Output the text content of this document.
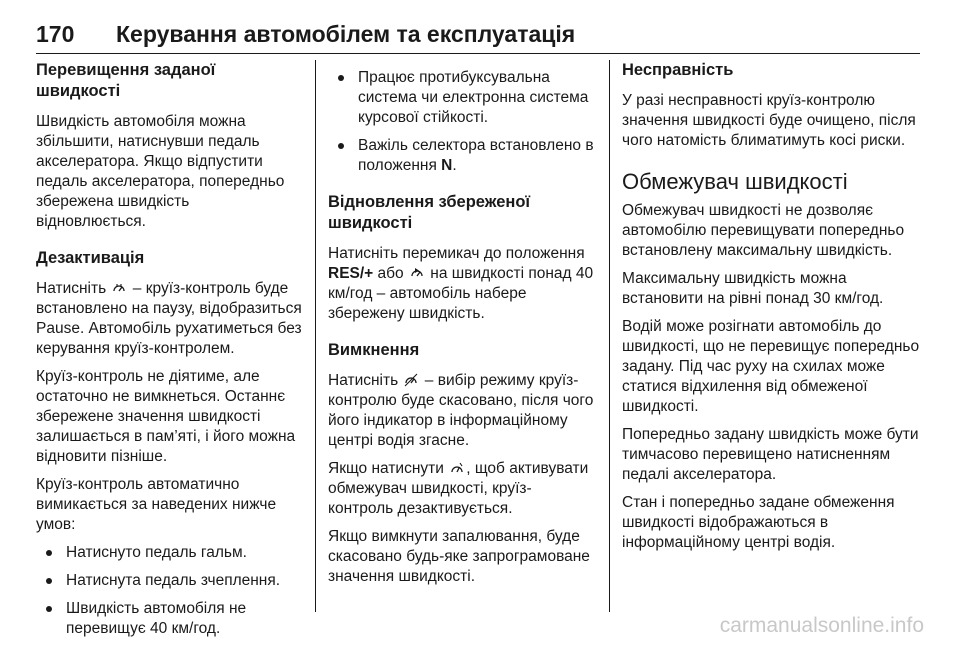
170 Керування автомобілем та експлуатація
Перевищення заданої швидкості

Швидкість автомобіля можна збільшити, натиснувши педаль акселератора. Якщо відпустити педаль акселератора, попередньо збережена швидкість відновлюється.

Дезактивація

Натисніть – круїз-контроль буде встановлено на паузу, відобразиться Pause. Автомобіль рухатиметься без керування круїз-контролем.

Круїз-контроль не діятиме, але остаточно не вимкнеться. Останнє збережене значення швидкості залишається в пам’яті, і його можна відновити пізніше.

Круїз-контроль автоматично вимикається за наведених нижче умов:

Натиснуто педаль гальм.
Натиснута педаль зчеплення.
Швидкість автомобіля не перевищує 40 км/год.
Працює протибуксувальна система чи електронна система курсової стійкості.
Важіль селектора встановлено в положення N.
Відновлення збереженої швидкості

Натисніть перемикач до положення RES/+ або на швидкості понад 40 км/год – автомобіль набере збережену швидкість.

Вимкнення

Натисніть – вибір режиму круїз-контролю буде скасовано, після чого його індикатор в інформаційному центрі водія згасне.

Якщо натиснути , щоб активувати обмежувач швидкості, круїз-контроль дезактивується.

Якщо вимкнути запалювання, буде скасовано будь-яке запрограмоване значення швидкості.

Несправність

У разі несправності круїз-контролю значення швидкості буде очищено, після чого натомість блиматимуть косі риски.

Обмежувач швидкості

Обмежувач швидкості не дозволяє автомобілю перевищувати попередньо встановлену максимальну швидкість.

Максимальну швидкість можна встановити на рівні понад 30 км/год.

Водій може розігнати автомобіль до швидкості, що не перевищує попередньо задану. Під час руху на схилах може статися відхилення від обмеженої швидкості.

Попередньо задану швидкість може бути тимчасово перевищено натисненням педалі акселератора.

Стан і попередньо задане обмеження швидкості відображаються в інформаційному центрі водія.

carmanualsonline.info
